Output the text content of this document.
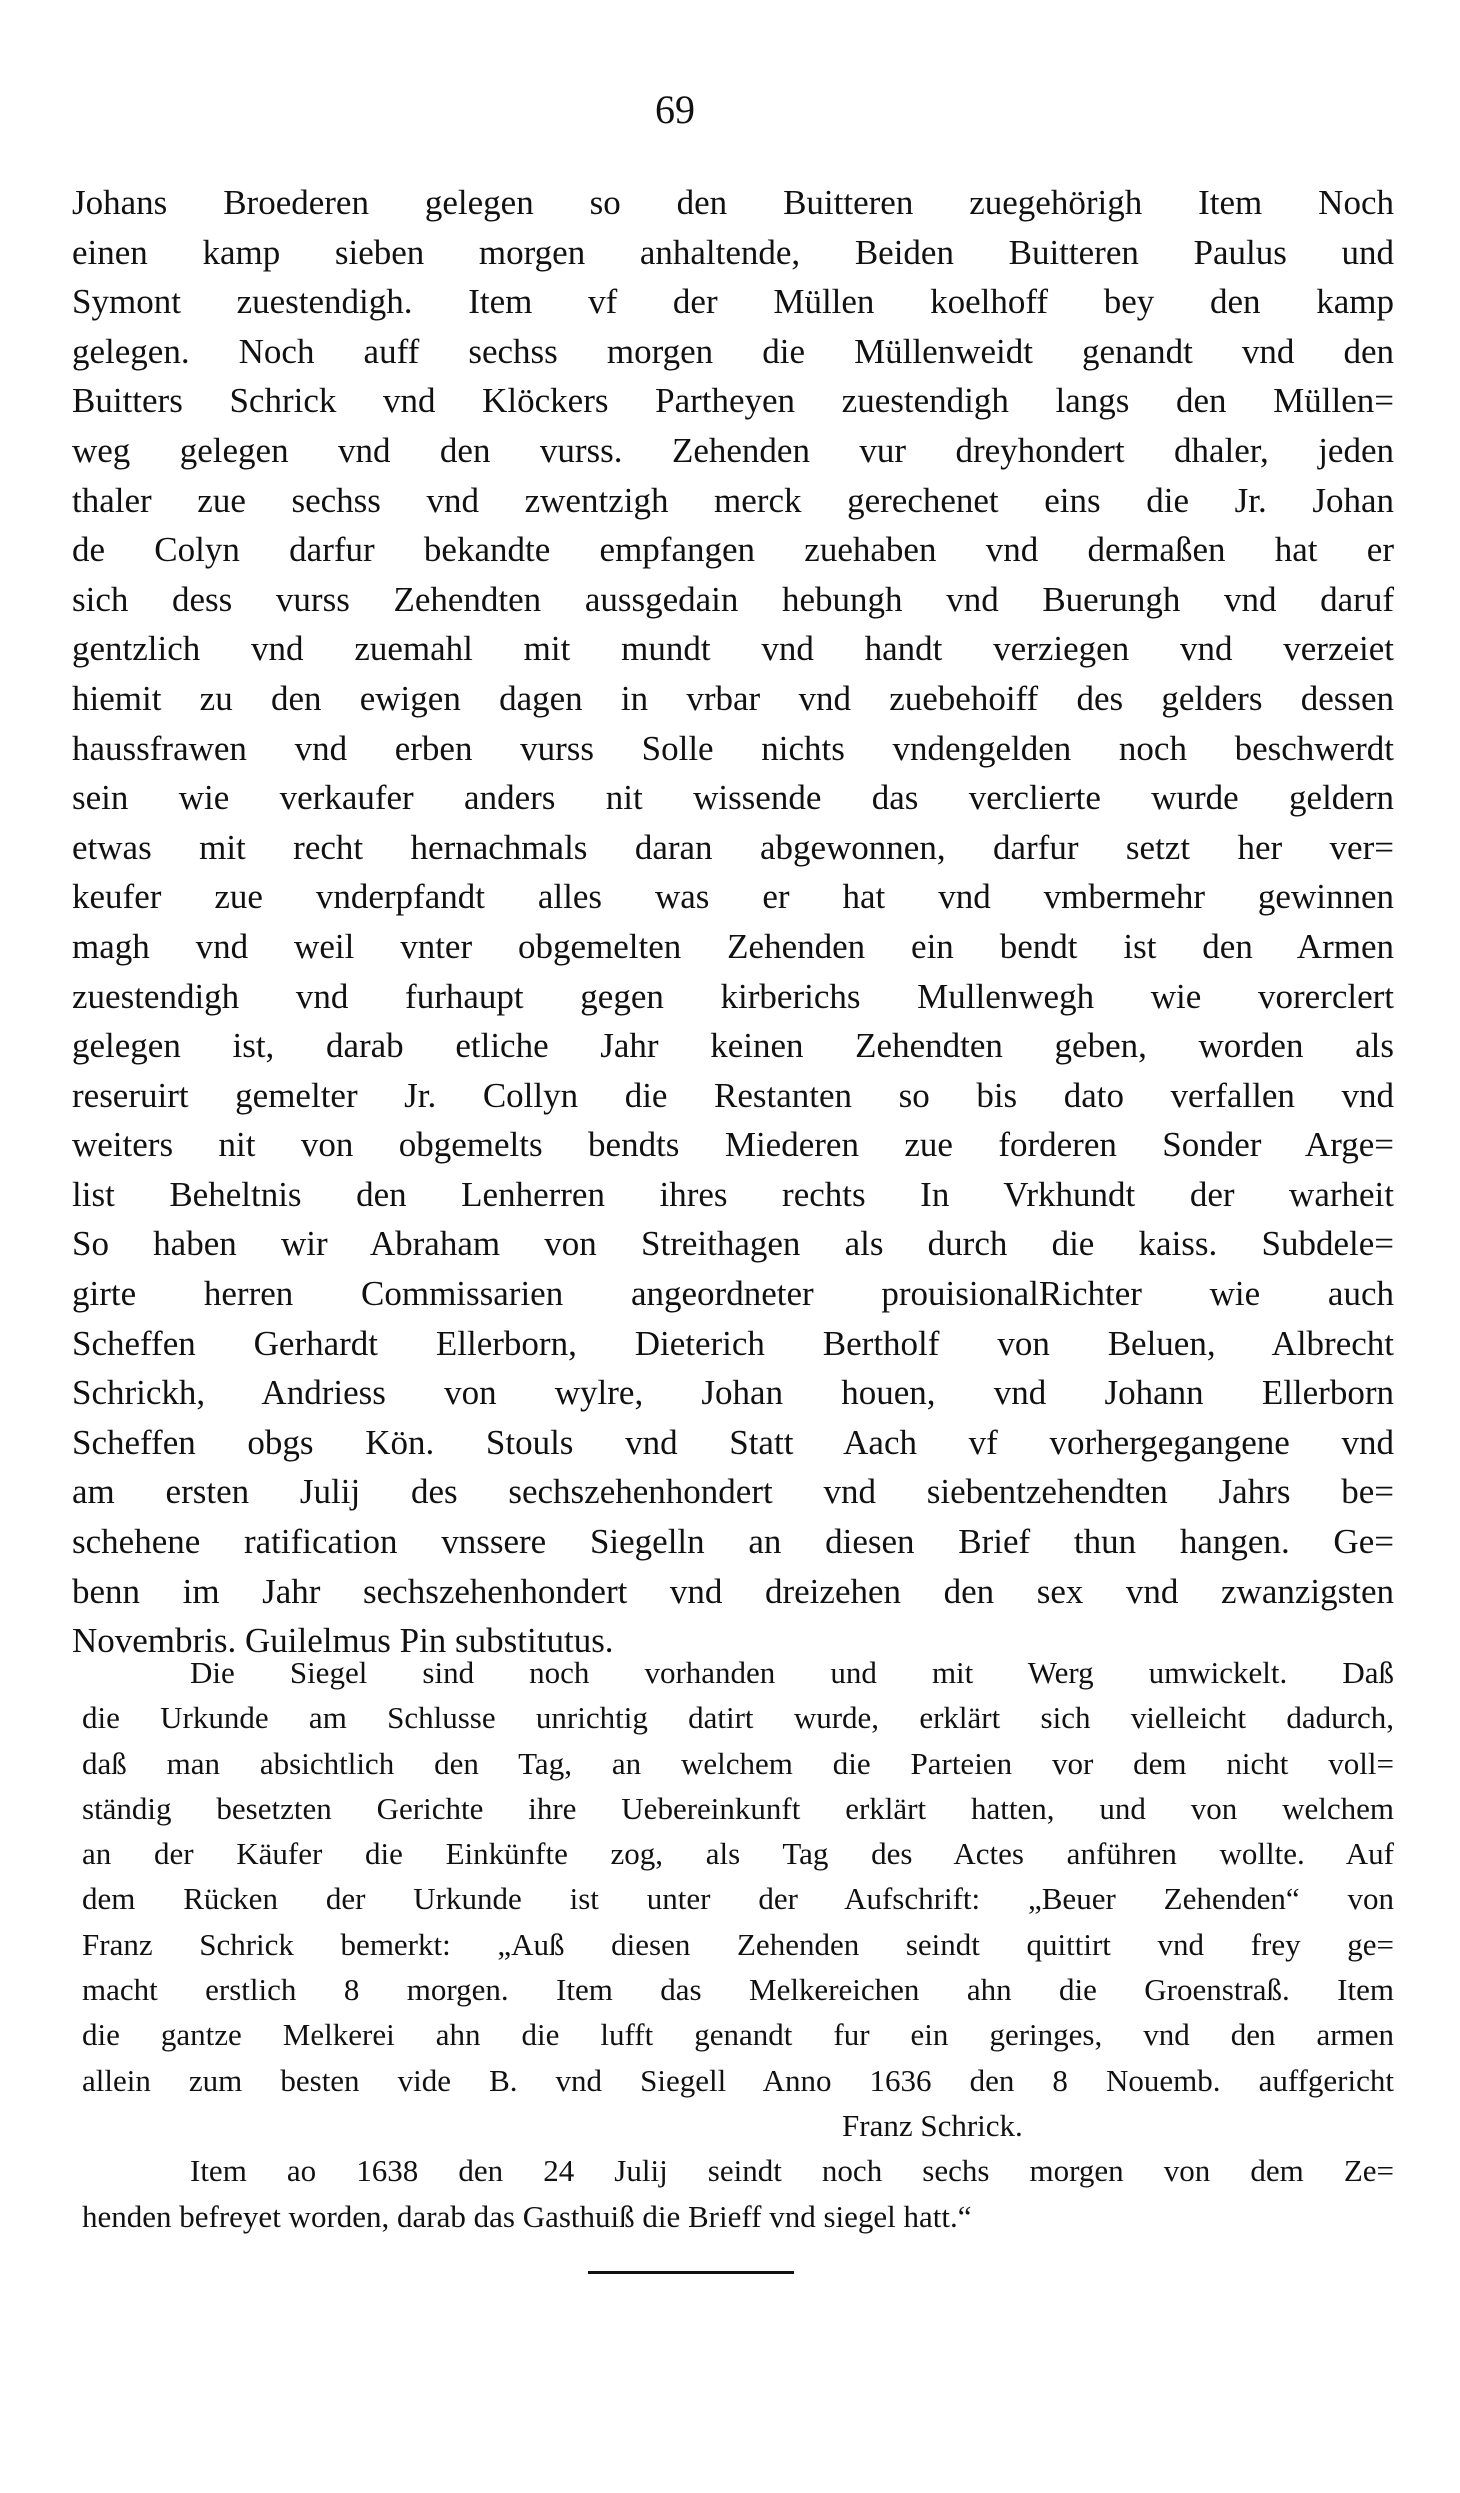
69
Johans Broederen gelegen so den Buitteren zuegehörigh Item Noch
einen kamp sieben morgen anhaltende, Beiden Buitteren Paulus und
Symont zuestendigh. Item vf der Müllen koelhoff bey den kamp
gelegen. Noch auff sechss morgen die Müllenweidt genandt vnd den
Buitters Schrick vnd Klöckers Partheyen zuestendigh langs den Müllen=
weg gelegen vnd den vurss. Zehenden vur dreyhondert dhaler, jeden
thaler zue sechss vnd zwentzigh merck gerechenet eins die Jr. Johan
de Colyn darfur bekandte empfangen zuehaben vnd dermaßen hat er
sich dess vurss Zehendten aussgedain hebungh vnd Buerungh vnd daruf
gentzlich vnd zuemahl mit mundt vnd handt verziegen vnd verzeiet
hiemit zu den ewigen dagen in vrbar vnd zuebehoiff des gelders dessen
haussfrawen vnd erben vurss Solle nichts vndengelden noch beschwerdt
sein wie verkaufer anders nit wissende das vercliertе wurde geldern
etwas mit recht hernachmals daran abgewonnen, darfur setzt her ver=
keufer zue vnderpfandt alles was er hat vnd vmbermehr gewinnen
magh vnd weil vnter obgemelten Zehenden ein bendt ist den Armen
zuestendigh vnd furhaupt gegen kirberichs Mullenwegh wie vorerclert
gelegen ist, darab etliche Jahr keinen Zehendten geben, worden als
reseruirt gemelter Jr. Collyn die Restanten so bis dato verfallen vnd
weiters nit von obgemelts bendts Miederen zue forderen Sonder Arge=
list Beheltnis den Lenherren ihres rechts In Vrkhundt der warheit
So haben wir Abraham von Streithagen als durch die kaiss. Subdele=
girte herren Commissarien angeordneter prouisionalRichter wie auch
Scheffen Gerhardt Ellerborn, Dieterich Bertholf von Beluen, Albrecht
Schrickh, Andriess von wylre, Johan houen, vnd Johann Ellerborn
Scheffen obgs Kön. Stouls vnd Statt Aach vf vorhergegangene vnd
am ersten Julij des sechszehenhondert vnd siebentzehendten Jahrs be=
schehene ratification vnssere Siegelln an diesen Brief thun hangen. Ge=
benn im Jahr sechszehenhondert vnd dreizehen den sex vnd zwanzigsten
Novembris. Guilelmus Pin substitutus.
Die Siegel sind noch vorhanden und mit Werg umwickelt. Daß
die Urkunde am Schlusse unrichtig datirt wurde, erklärt sich vielleicht dadurch,
daß man absichtlich den Tag, an welchem die Parteien vor dem nicht voll=
ständig besetzten Gerichte ihre Uebereinkunft erklärt hatten, und von welchem
an der Käufer die Einkünfte zog, als Tag des Actes anführen wollte. Auf
dem Rücken der Urkunde ist unter der Aufschrift: „Beuer Zehenden“ von
Franz Schrick bemerkt: „Auß diesen Zehenden seindt quittirt vnd frey ge=
macht erstlich 8 morgen. Item das Melkereichen ahn die Groenstraß. Item
die gantze Melkerei ahn die lufft genandt fur ein geringes, vnd den armen
allein zum besten vide B. vnd Siegell Anno 1636 den 8 Nouemb. auffgericht
Franz Schrick.
Item ao 1638 den 24 Julij seindt noch sechs morgen von dem Ze=
henden befreyet worden, darab das Gasthuiß die Brieff vnd siegel hatt.“
